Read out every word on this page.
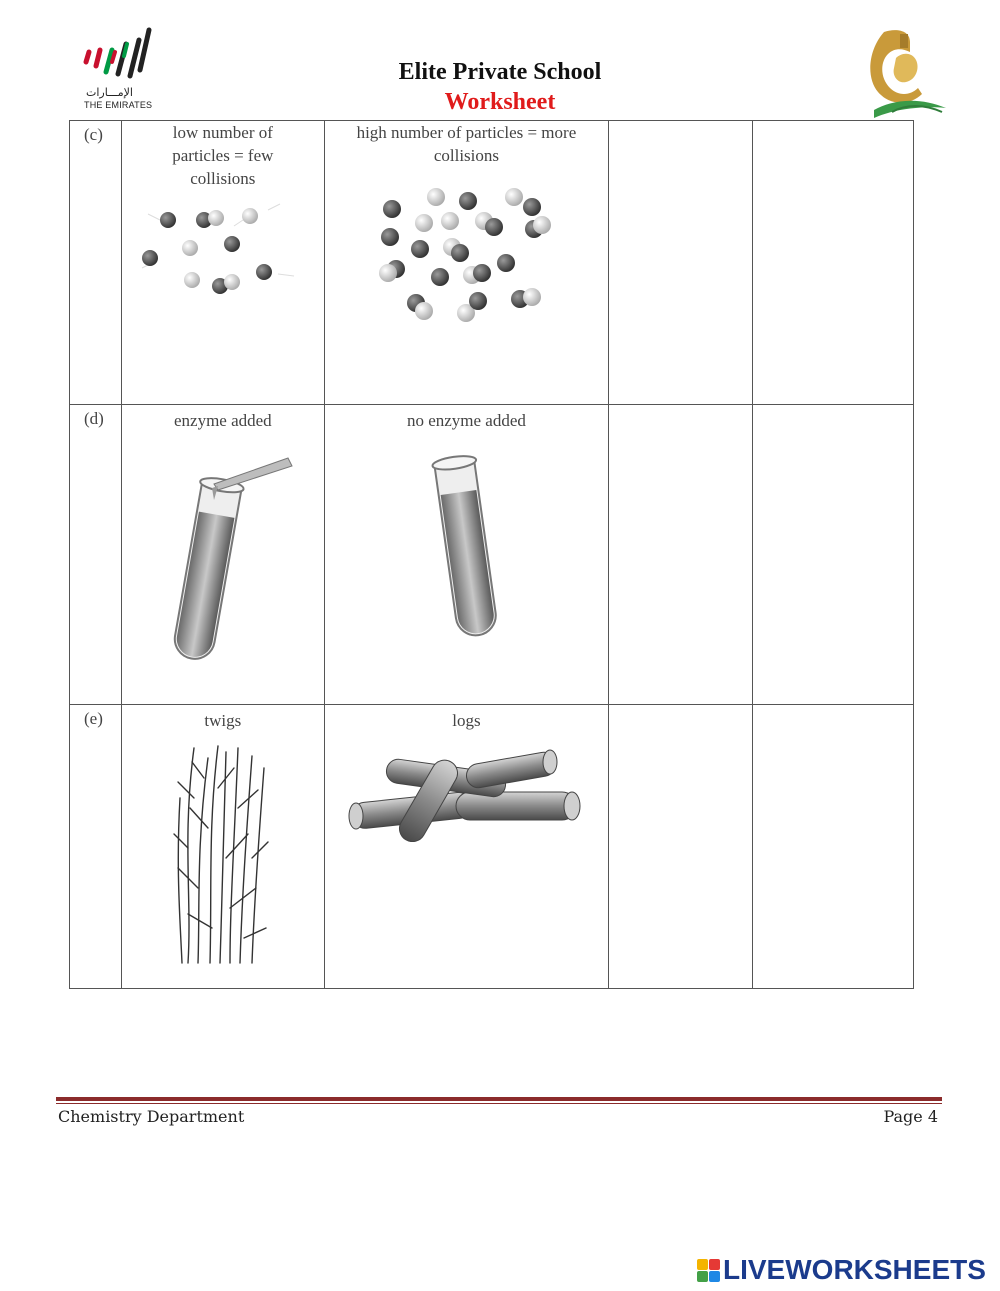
الإمـــارات
THE EMIRATES
Elite Private School
Worksheet
(c)	low number of particles = few collisions	high number of particles = more collisions		

(d)	enzyme added	no enzyme added		

(e)	twigs	logs		

Chemistry Department	Page 4
LIVEWORKSHEETS
